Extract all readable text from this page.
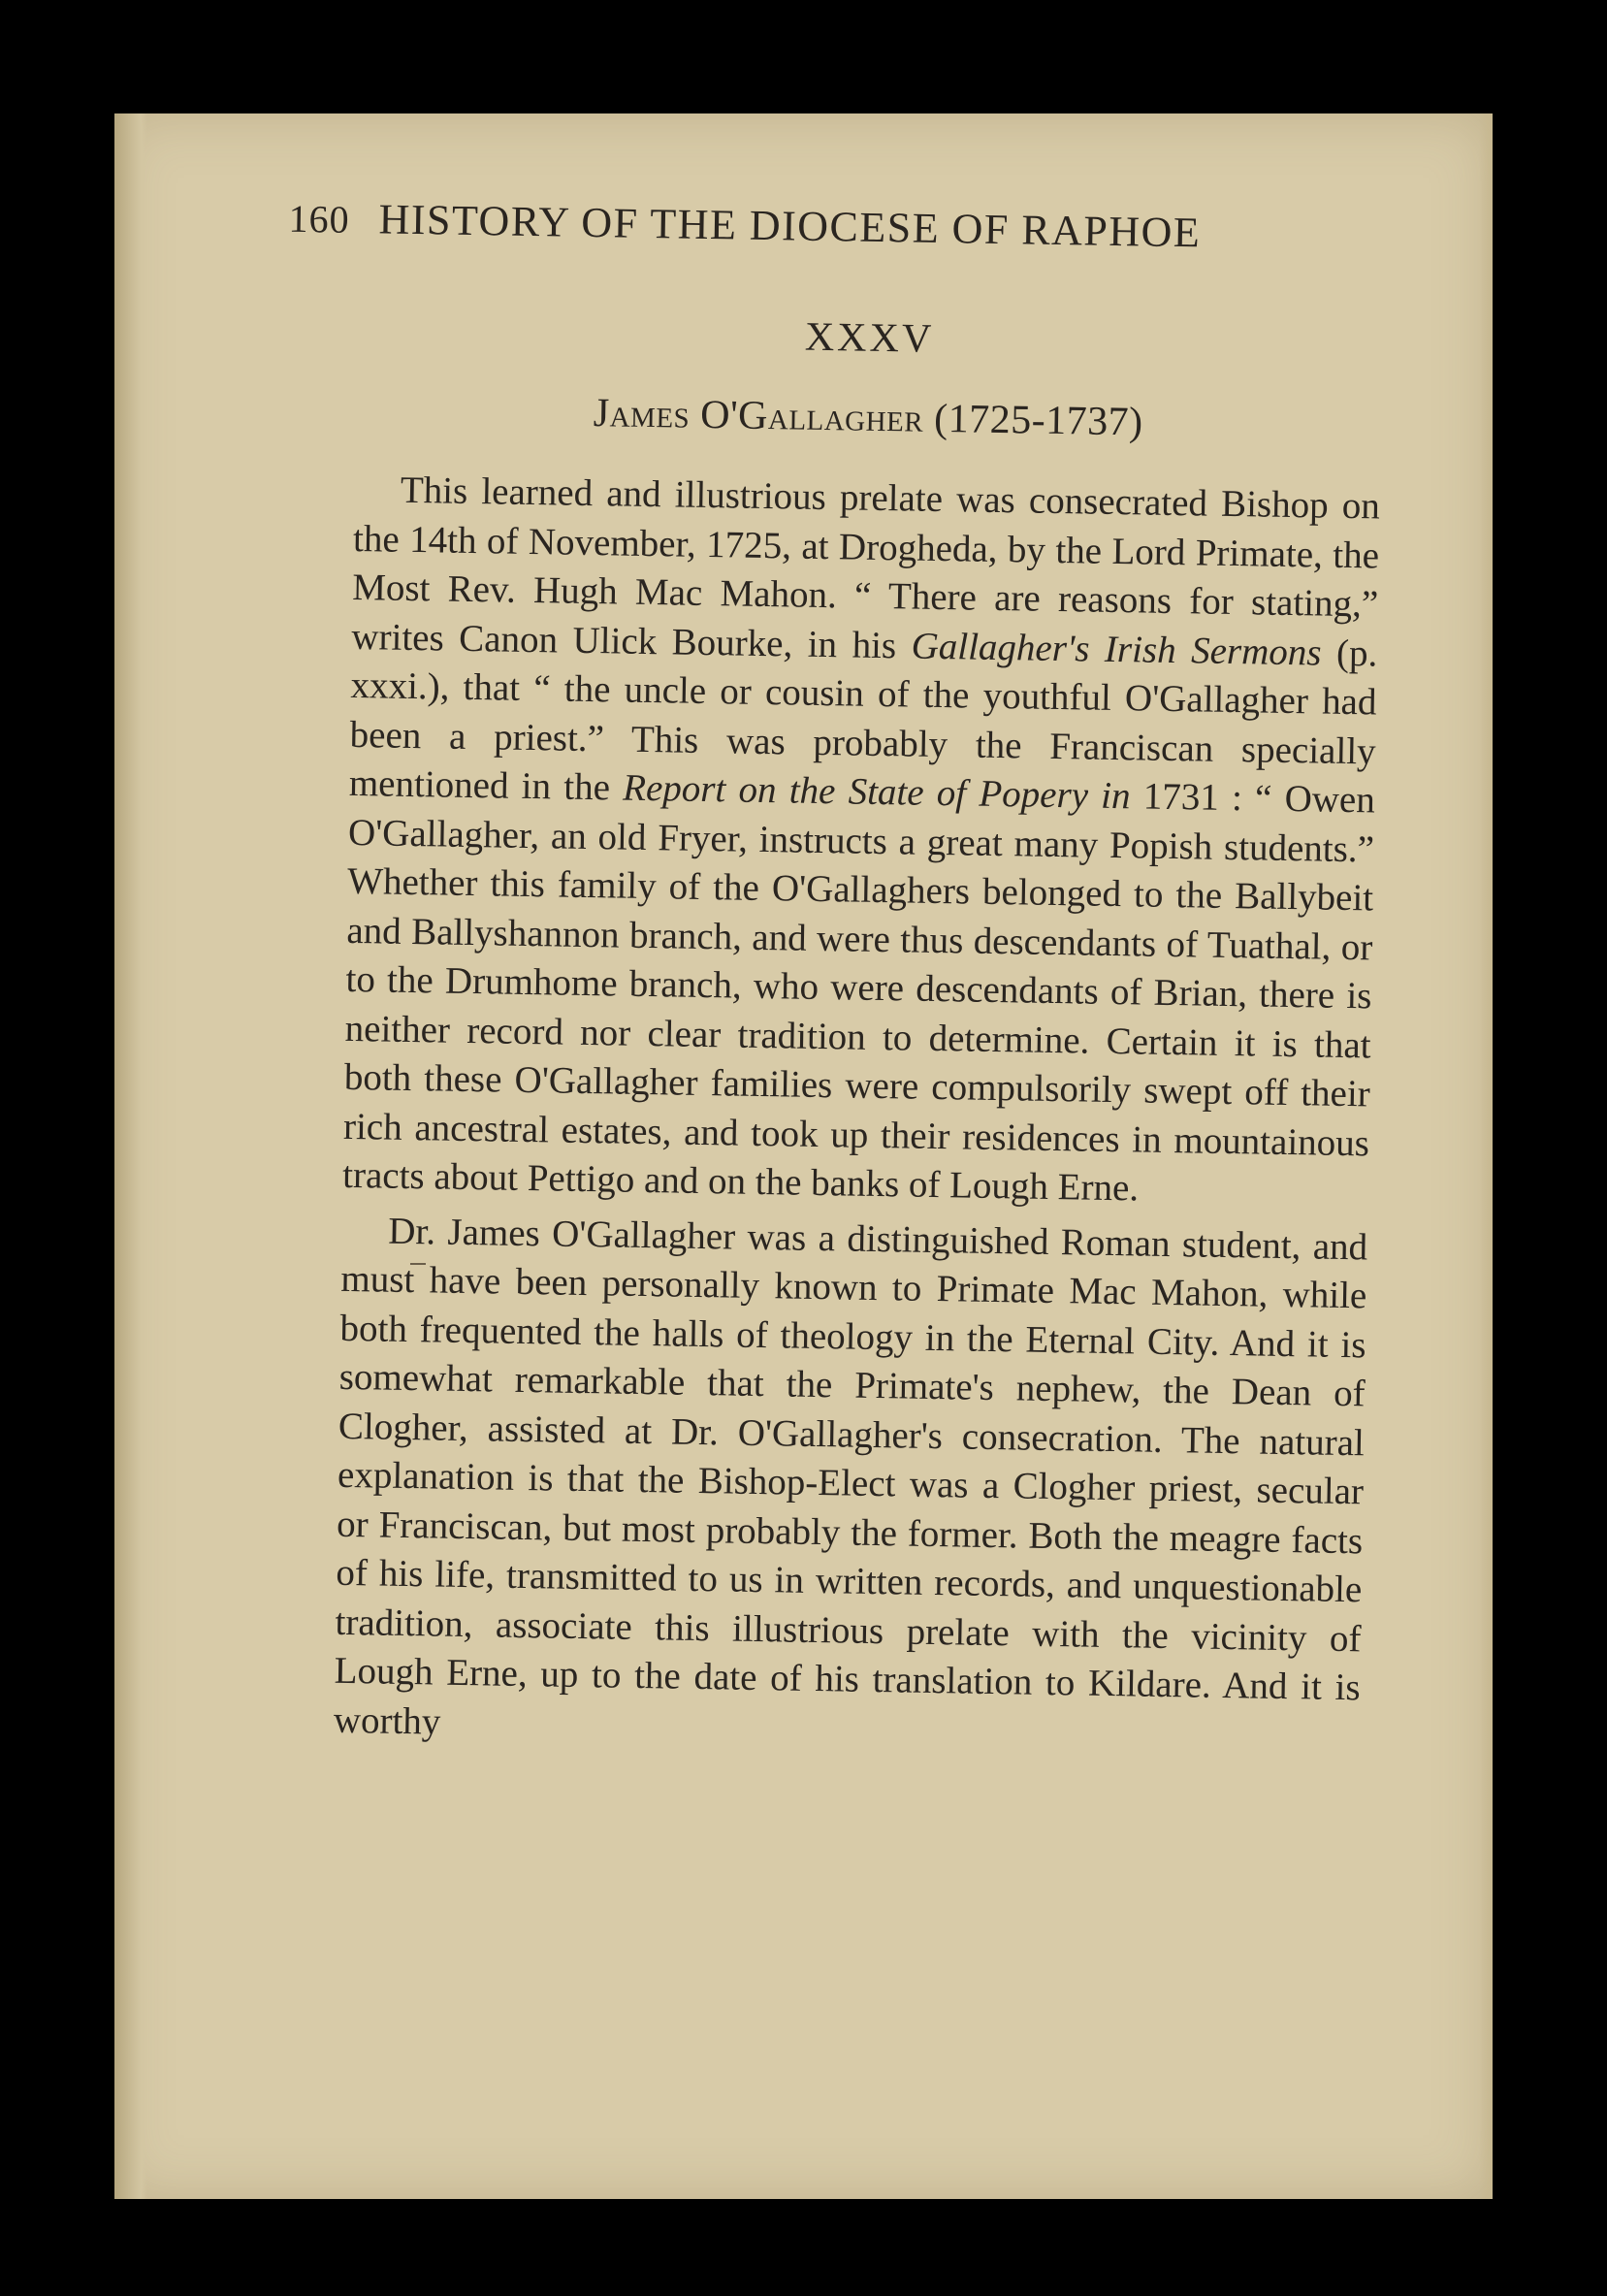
160 HISTORY OF THE DIOCESE OF RAPHOE
XXXV
James O'Gallagher (1725-1737)

This learned and illustrious prelate was consecrated Bishop on the 14th of November, 1725, at Drogheda, by the Lord Primate, the Most Rev. Hugh Mac Mahon. “ There are reasons for stating,” writes Canon Ulick Bourke, in his Gallagher's Irish Sermons (p. xxxi.), that “ the uncle or cousin of the youthful O'Gallagher had been a priest.” This was probably the Franciscan specially mentioned in the Report on the State of Popery in 1731 : “ Owen O'Gallagher, an old Fryer, instructs a great many Popish students.” Whether this family of the O'Gallaghers belonged to the Ballybeit and Ballyshannon branch, and were thus descendants of Tuathal, or to the Drumhome branch, who were descendants of Brian, there is neither record nor clear tradition to determine. Certain it is that both these O'Gallagher families were compulsorily swept off their rich ancestral estates, and took up their residences in mountainous tracts about Pettigo and on the banks of Lough Erne.

Dr. James O'Gallagher was a distinguished Roman student, and must have been personally known to Primate Mac Mahon, while both frequented the halls of theology in the Eternal City. And it is somewhat remarkable that the Primate's nephew, the Dean of Clogher, assisted at Dr. O'Gallagher's consecration. The natural explanation is that the Bishop-Elect was a Clogher priest, secular or Franciscan, but most probably the former. Both the meagre facts of his life, transmitted to us in written records, and unquestionable tradition, associate this illustrious prelate with the vicinity of Lough Erne, up to the date of his translation to Kildare. And it is worthy
